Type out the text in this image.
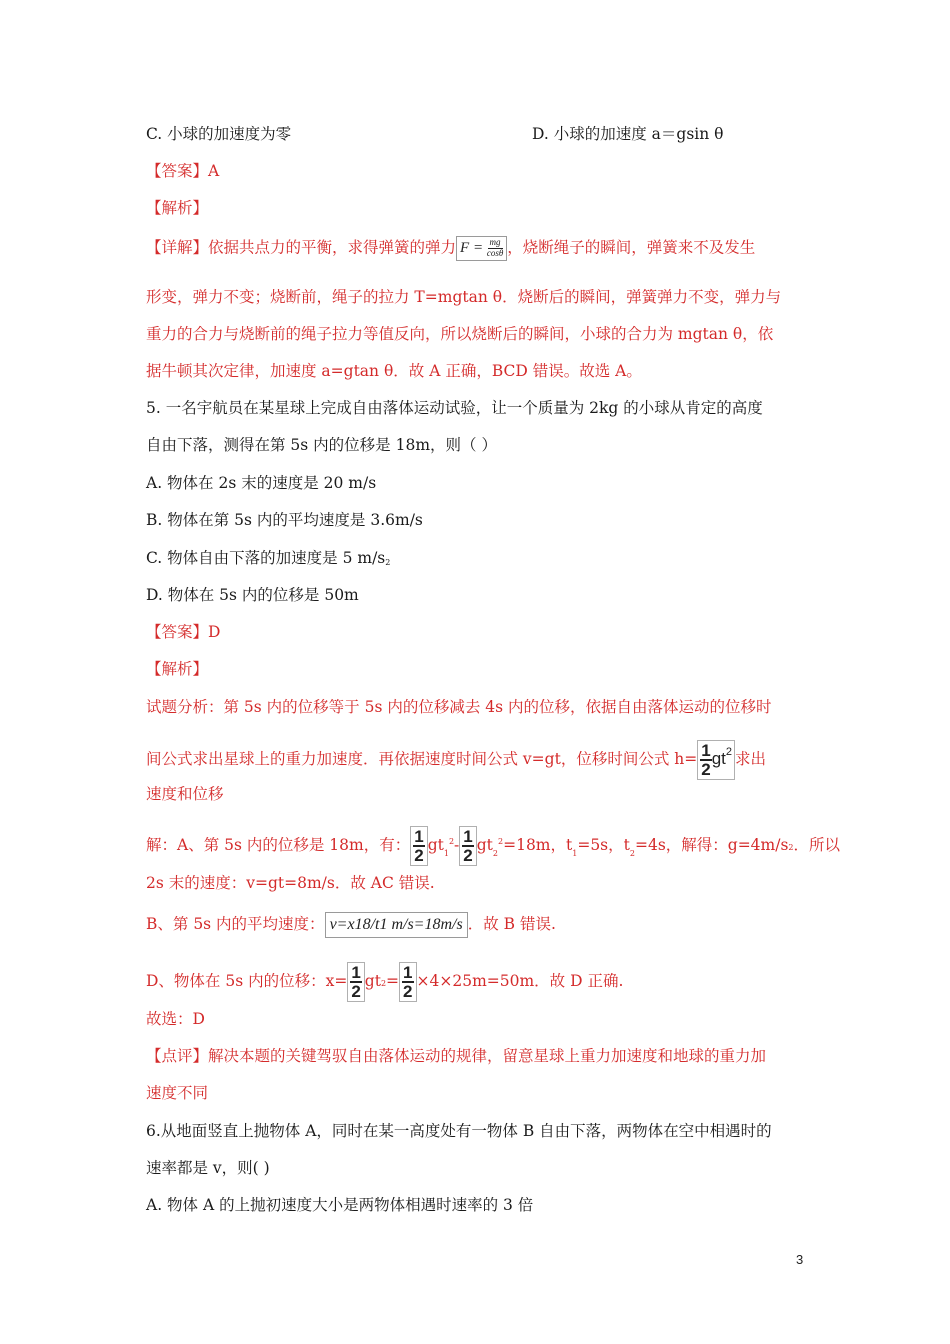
C. 小球的加速度为零	D. 小球的加速度 a＝gsin θ
【答案】A
【解析】
【详解】依据共点力的平衡，求得弹簧的弹力 $F = \frac{mg}{\cos\theta}$ ，烧断绳子的瞬间，弹簧来不及发生
形变，弹力不变；烧断前，绳子的拉力 T=mgtan θ．烧断后的瞬间，弹簧弹力不变，弹力与
重力的合力与烧断前的绳子拉力等值反向，所以烧断后的瞬间，小球的合力为 mgtan θ，依
据牛顿其次定律，加速度 a=gtan θ．故 A 正确，BCD 错误。故选 A。
5. 一名宇航员在某星球上完成自由落体运动试验，让一个质量为 2kg 的小球从肯定的高度
自由下落，测得在第 5s 内的位移是 18m，则（ ）
A. 物体在 2s 末的速度是 20 m/s
B. 物体在第 5s 内的平均速度是 3.6m/s
C. 物体自由下落的加速度是 5 m/s2
D. 物体在 5s 内的位移是 50m
【答案】D
【解析】
试题分析：第 5s 内的位移等于 5s 内的位移减去 4s 内的位移，依据自由落体运动的位移时
间公式求出星球上的重力加速度．再依据速度时间公式 v=gt，位移时间公式 $h= \frac{1}{2} gt^2$ 求出
速度和位移
解：A、第 5s 内的位移是 18m，有： $\frac{1}{2} gt_1^2- \frac{1}{2} gt_2^2=18m$，$t_1=5s$，$t_2=4s$，解得：g=4m/s2．所以
2s 末的速度：v=gt=8m/s．故 AC 错误.
B、第 5s 内的平均速度： v=x18/t1 m/s=18m/s ．故 B 错误.
D、物体在 5s 内的位移：$x= \frac{1}{2} gt2= \frac{1}{2} \times 4\times 25m=50m$．故 D 正确.
故选：D
【点评】解决本题的关键驾驭自由落体运动的规律，留意星球上重力加速度和地球的重力加
速度不同
6.从地面竖直上抛物体 A，同时在某一高度处有一物体 B 自由下落，两物体在空中相遇时的
速率都是 v，则( )
A. 物体 A 的上抛初速度大小是两物体相遇时速率的 3 倍
3
